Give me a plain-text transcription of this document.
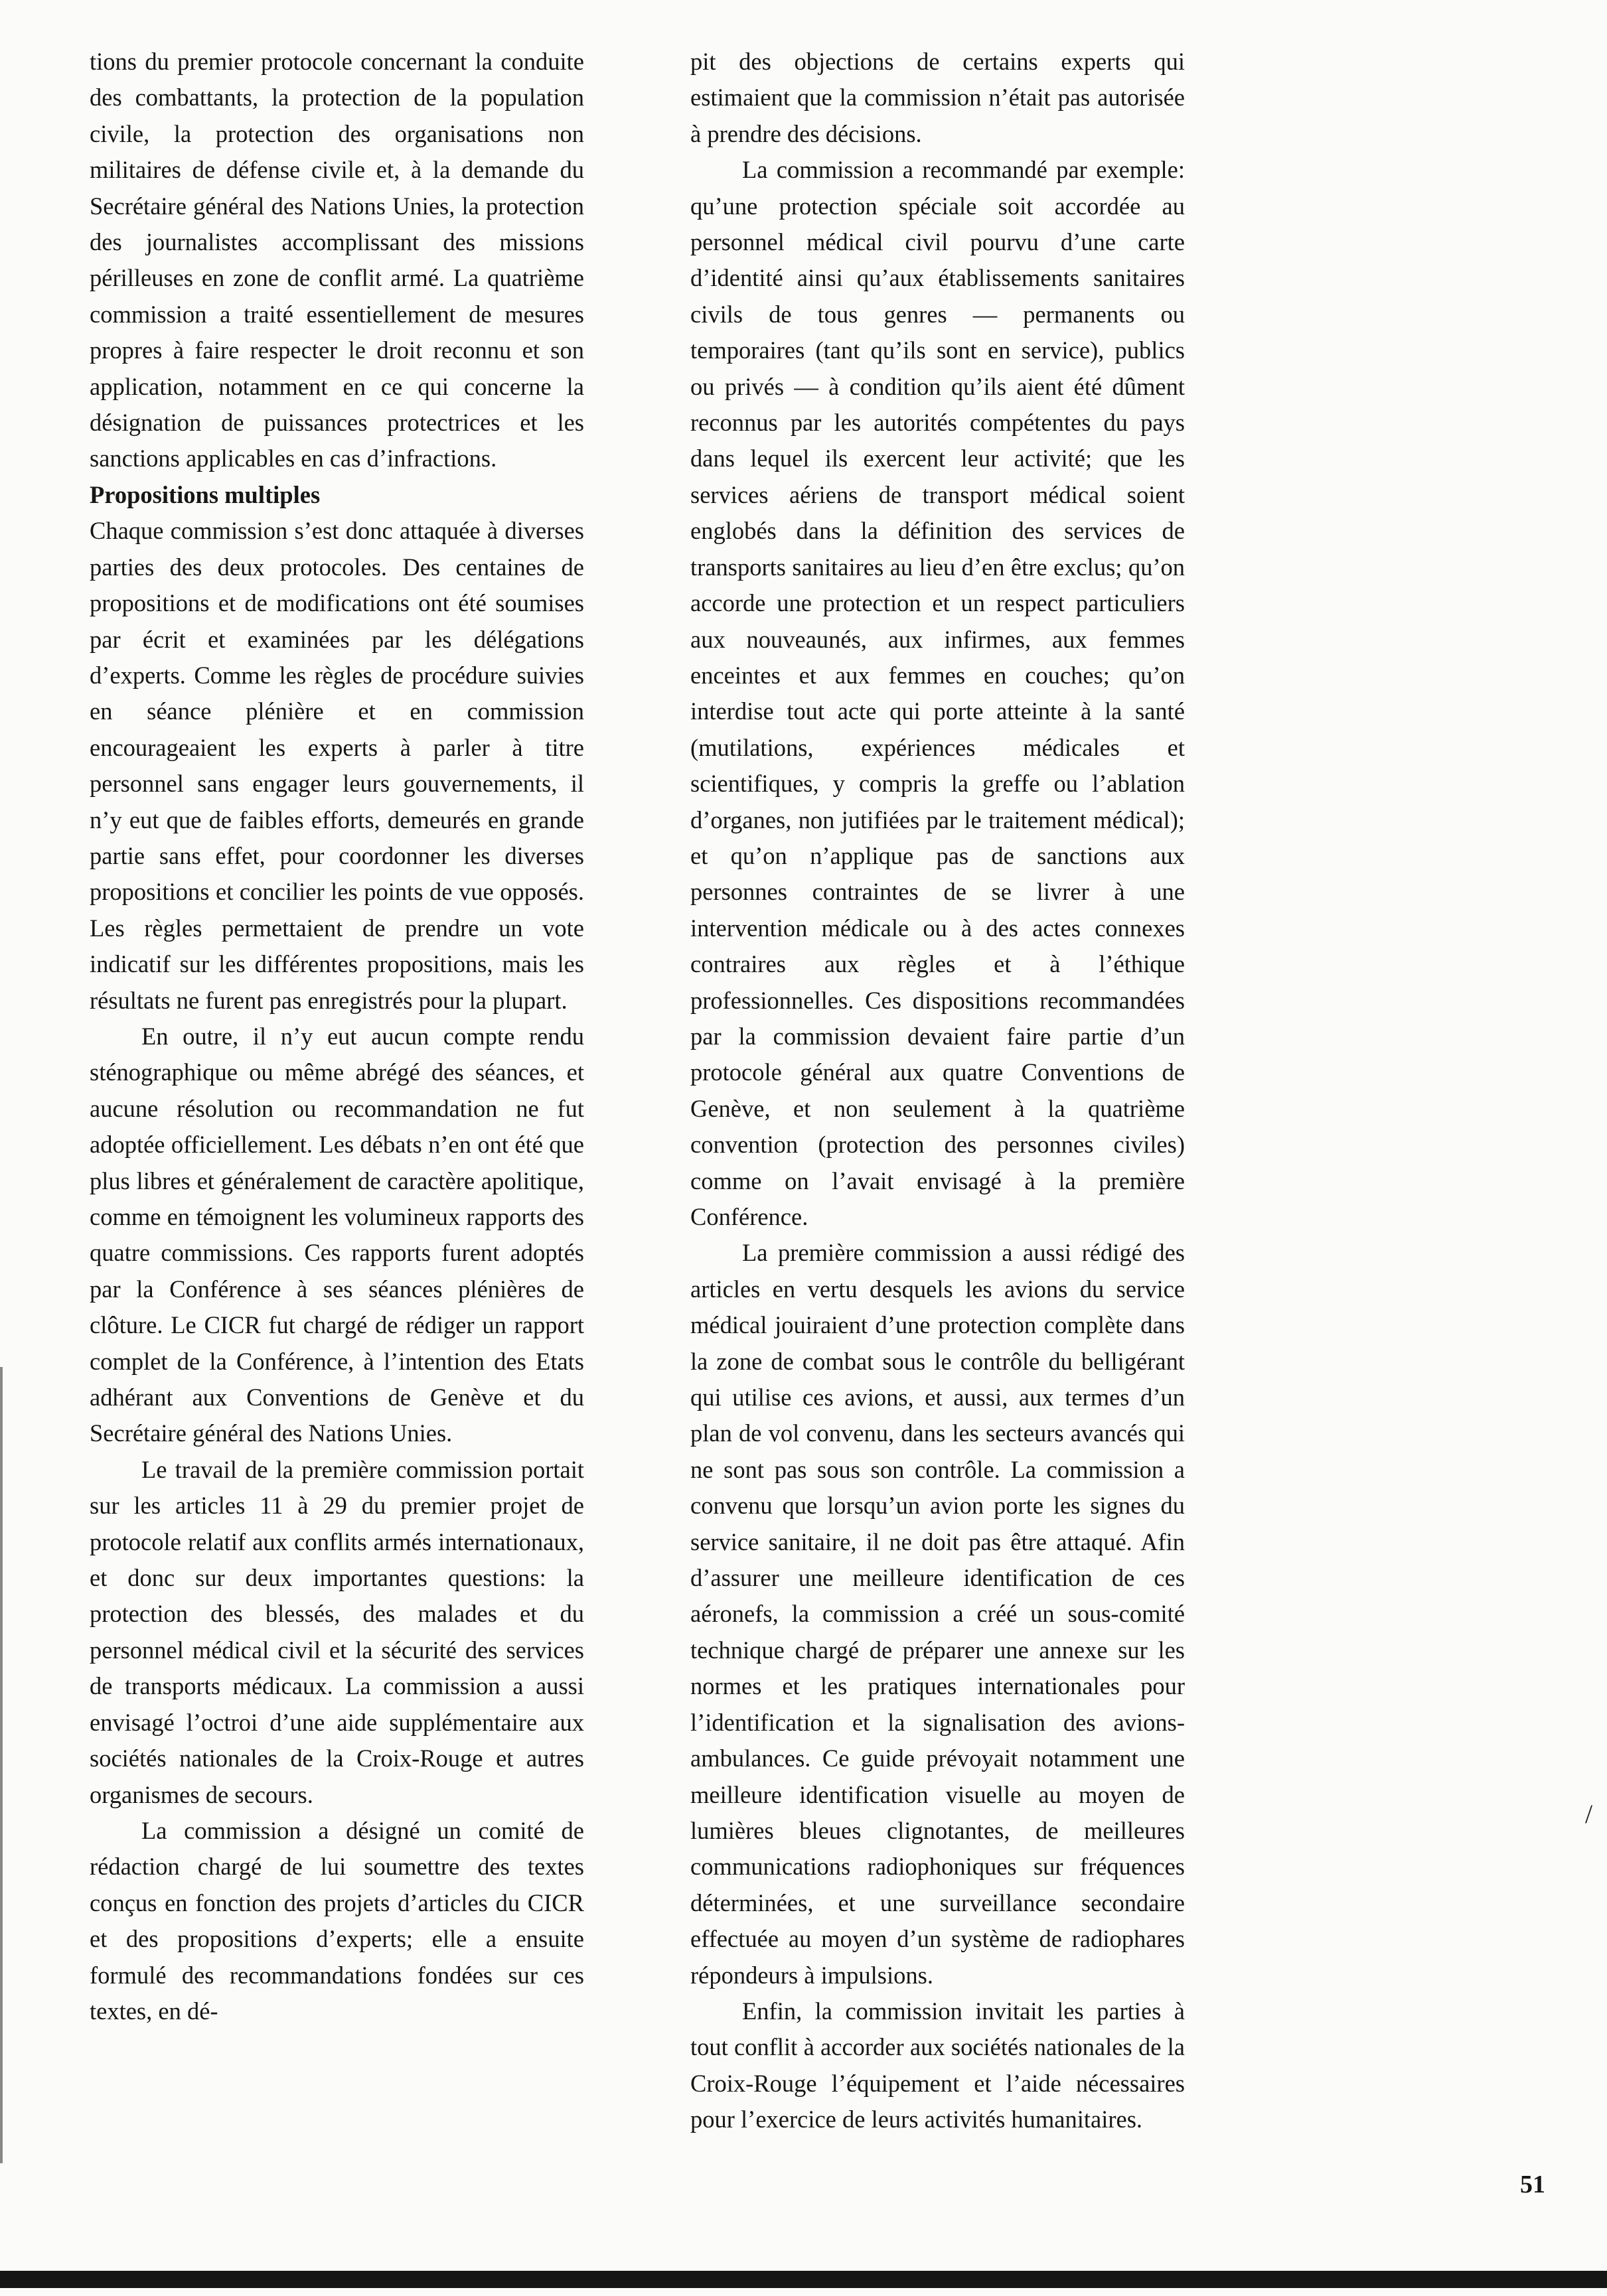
tions du premier protocole concernant la conduite des combattants, la protection de la population civile, la protection des organisations non militaires de défense civile et, à la demande du Secrétaire général des Nations Unies, la protection des journalistes accomplissant des missions périlleuses en zone de conflit armé. La quatrième commission a traité essentiellement de mesures propres à faire respecter le droit reconnu et son application, notamment en ce qui concerne la désignation de puissances protectrices et les sanctions applicables en cas d’infractions.

Propositions multiples

Chaque commission s’est donc attaquée à diverses parties des deux protocoles. Des centaines de propositions et de modifications ont été soumises par écrit et examinées par les délégations d’experts. Comme les règles de procédure suivies en séance plénière et en commission encourageaient les experts à parler à titre personnel sans engager leurs gouvernements, il n’y eut que de faibles efforts, demeurés en grande partie sans effet, pour coordonner les diverses propositions et concilier les points de vue opposés. Les règles permettaient de prendre un vote indicatif sur les différentes propositions, mais les résultats ne furent pas enregistrés pour la plupart.

En outre, il n’y eut aucun compte rendu sténographique ou même abrégé des séances, et aucune résolution ou recommandation ne fut adoptée officiellement. Les débats n’en ont été que plus libres et généralement de caractère apolitique, comme en témoignent les volumineux rapports des quatre commissions. Ces rapports furent adoptés par la Conférence à ses séances plénières de clôture. Le CICR fut chargé de rédiger un rapport complet de la Conférence, à l’intention des Etats adhérant aux Conventions de Genève et du Secrétaire général des Nations Unies.

Le travail de la première commission portait sur les articles 11 à 29 du premier projet de protocole relatif aux conflits armés internationaux, et donc sur deux importantes questions: la protection des blessés, des malades et du personnel médical civil et la sécurité des services de transports médicaux. La commission a aussi envisagé l’octroi d’une aide supplémentaire aux sociétés nationales de la Croix-Rouge et autres organismes de secours.

La commission a désigné un comité de rédaction chargé de lui soumettre des textes conçus en fonction des projets d’articles du CICR et des propositions d’experts; elle a ensuite formulé des recommandations fondées sur ces textes, en dé-

pit des objections de certains experts qui estimaient que la commission n’était pas autorisée à prendre des décisions.

La commission a recommandé par exemple: qu’une protection spéciale soit accordée au personnel médical civil pourvu d’une carte d’identité ainsi qu’aux établissements sanitaires civils de tous genres — permanents ou temporaires (tant qu’ils sont en service), publics ou privés — à condition qu’ils aient été dûment reconnus par les autorités compétentes du pays dans lequel ils exercent leur activité; que les services aériens de transport médical soient englobés dans la définition des services de transports sanitaires au lieu d’en être exclus; qu’on accorde une protection et un respect particuliers aux nouveaunés, aux infirmes, aux femmes enceintes et aux femmes en couches; qu’on interdise tout acte qui porte atteinte à la santé (mutilations, expériences médicales et scientifiques, y compris la greffe ou l’ablation d’organes, non jutifiées par le traitement médical); et qu’on n’applique pas de sanctions aux personnes contraintes de se livrer à une intervention médicale ou à des actes connexes contraires aux règles et à l’éthique professionnelles. Ces dispositions recommandées par la commission devaient faire partie d’un protocole général aux quatre Conventions de Genève, et non seulement à la quatrième convention (protection des personnes civiles) comme on l’avait envisagé à la première Conférence.

La première commission a aussi rédigé des articles en vertu desquels les avions du service médical jouiraient d’une protection complète dans la zone de combat sous le contrôle du belligérant qui utilise ces avions, et aussi, aux termes d’un plan de vol convenu, dans les secteurs avancés qui ne sont pas sous son contrôle. La commission a convenu que lorsqu’un avion porte les signes du service sanitaire, il ne doit pas être attaqué. Afin d’assurer une meilleure identification de ces aéronefs, la commission a créé un sous-comité technique chargé de préparer une annexe sur les normes et les pratiques internationales pour l’identification et la signalisation des avions-ambulances. Ce guide prévoyait notamment une meilleure identification visuelle au moyen de lumières bleues clignotantes, de meilleures communications radiophoniques sur fréquences déterminées, et une surveillance secondaire effectuée au moyen d’un système de radiophares répondeurs à impulsions.

Enfin, la commission invitait les parties à tout conflit à accorder aux sociétés nationales de la Croix-Rouge l’équipement et l’aide nécessaires pour l’exercice de leurs activités humanitaires.

/
51
